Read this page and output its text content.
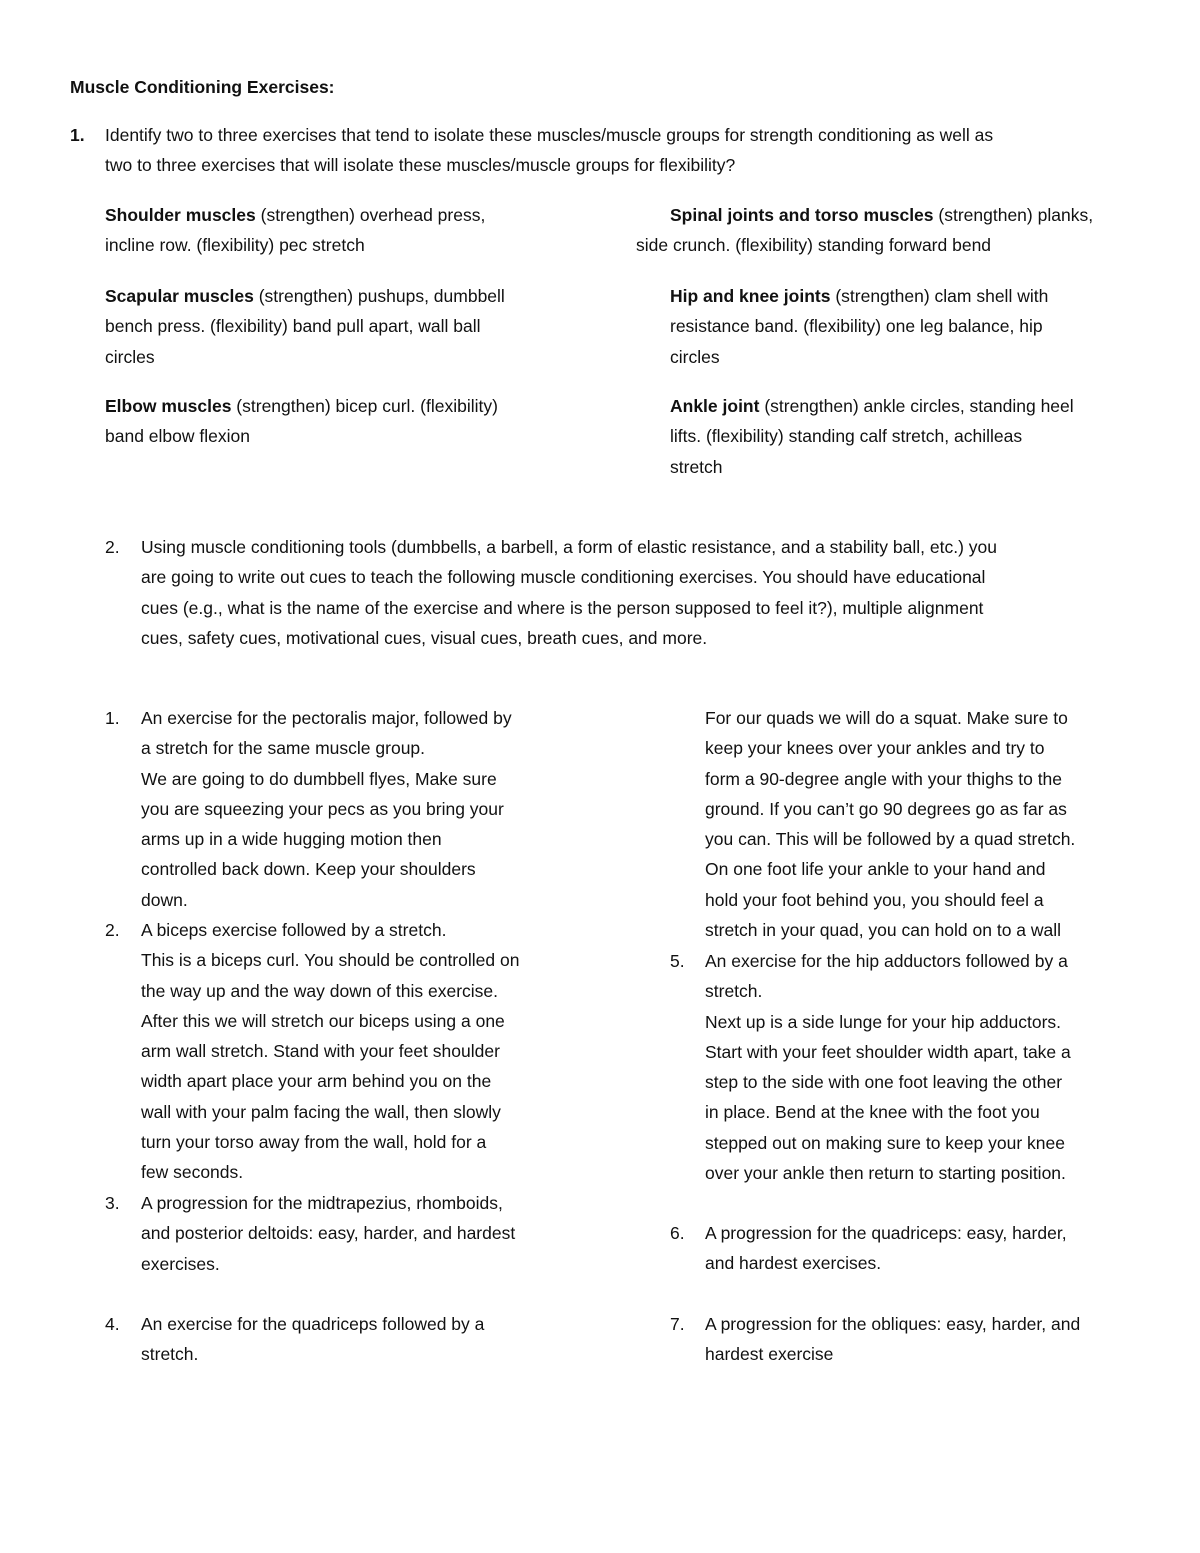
Muscle Conditioning Exercises:
1. Identify two to three exercises that tend to isolate these muscles/muscle groups for strength conditioning as well as

two to three exercises that will isolate these muscles/muscle groups for flexibility?

Shoulder muscles (strengthen) overhead press,

incline row. (flexibility) pec stretch

Spinal joints and torso muscles (strengthen) planks,

side crunch. (flexibility) standing forward bend

Scapular muscles (strengthen) pushups, dumbbell

bench press. (flexibility) band pull apart, wall ball

circles

Hip and knee joints (strengthen) clam shell with

resistance band. (flexibility) one leg balance, hip

circles

Elbow muscles (strengthen) bicep curl. (flexibility)

band elbow flexion

Ankle joint (strengthen) ankle circles, standing heel

lifts. (flexibility) standing calf stretch, achilleas

stretch

2. Using muscle conditioning tools (dumbbells, a barbell, a form of elastic resistance, and a stability ball, etc.) you

are going to write out cues to teach the following muscle conditioning exercises. You should have educational

cues (e.g., what is the name of the exercise and where is the person supposed to feel it?), multiple alignment

cues, safety cues, motivational cues, visual cues, breath cues, and more.

1. An exercise for the pectoralis major, followed by

a stretch for the same muscle group.

We are going to do dumbbell flyes, Make sure

you are squeezing your pecs as you bring your

arms up in a wide hugging motion then

controlled back down. Keep your shoulders

down.

2. A biceps exercise followed by a stretch.

This is a biceps curl. You should be controlled on

the way up and the way down of this exercise.

After this we will stretch our biceps using a one

arm wall stretch. Stand with your feet shoulder

width apart place your arm behind you on the

wall with your palm facing the wall, then slowly

turn your torso away from the wall, hold for a

few seconds.

3. A progression for the midtrapezius, rhomboids,

and posterior deltoids: easy, harder, and hardest

exercises.

4. An exercise for the quadriceps followed by a

stretch.

For our quads we will do a squat. Make sure to

keep your knees over your ankles and try to

form a 90-degree angle with your thighs to the

ground. If you can’t go 90 degrees go as far as

you can. This will be followed by a quad stretch.

On one foot life your ankle to your hand and

hold your foot behind you, you should feel a

stretch in your quad, you can hold on to a wall

5. An exercise for the hip adductors followed by a

stretch.

Next up is a side lunge for your hip adductors.

Start with your feet shoulder width apart, take a

step to the side with one foot leaving the other

in place. Bend at the knee with the foot you

stepped out on making sure to keep your knee

over your ankle then return to starting position.

6. A progression for the quadriceps: easy, harder,

and hardest exercises.

7. A progression for the obliques: easy, harder, and

hardest exercise
